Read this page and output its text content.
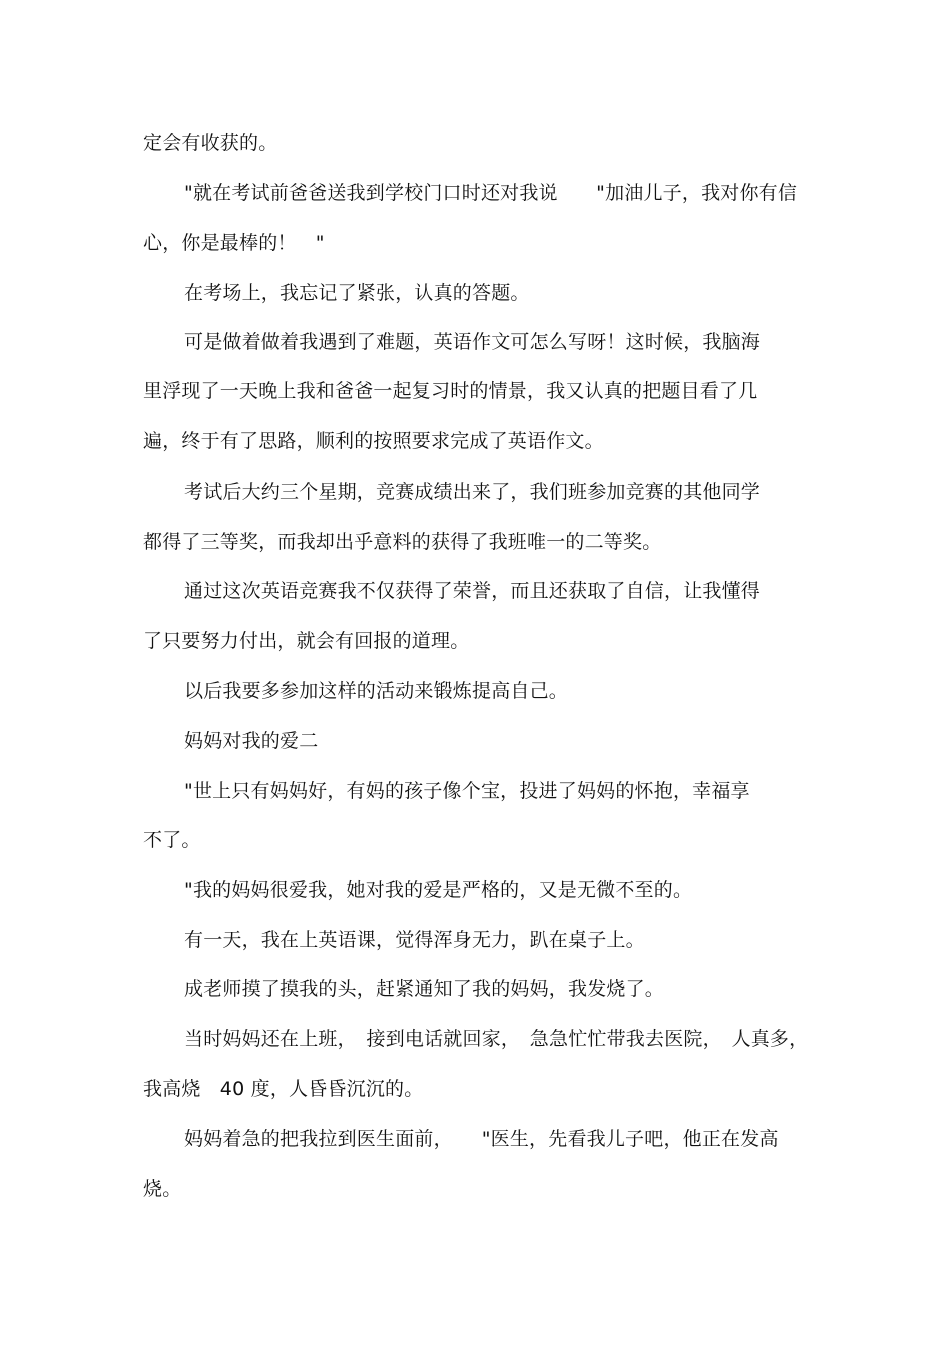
定会有收获的。
"就在考试前爸爸送我到学校门口时还对我说　　"加油儿子，我对你有信
心，你是最棒的！　"
在考场上，我忘记了紧张，认真的答题。
可是做着做着我遇到了难题，英语作文可怎么写呀！这时候，我脑海
里浮现了一天晚上我和爸爸一起复习时的情景，我又认真的把题目看了几
遍，终于有了思路，顺利的按照要求完成了英语作文。
考试后大约三个星期，竞赛成绩出来了，我们班参加竞赛的其他同学
都得了三等奖，而我却出乎意料的获得了我班唯一的二等奖。
通过这次英语竞赛我不仅获得了荣誉，而且还获取了自信，让我懂得
了只要努力付出，就会有回报的道理。
以后我要多参加这样的活动来锻炼提高自己。
妈妈对我的爱二
"世上只有妈妈好，有妈的孩子像个宝，投进了妈妈的怀抱，幸福享
不了。
"我的妈妈很爱我，她对我的爱是严格的，又是无微不至的。
有一天，我在上英语课，觉得浑身无力，趴在桌子上。
成老师摸了摸我的头，赶紧通知了我的妈妈，我发烧了。
当时妈妈还在上班，　接到电话就回家，　急急忙忙带我去医院，　人真多，
我高烧　40 度，人昏昏沉沉的。
妈妈着急的把我拉到医生面前，　　"医生，先看我儿子吧，他正在发高
烧。
